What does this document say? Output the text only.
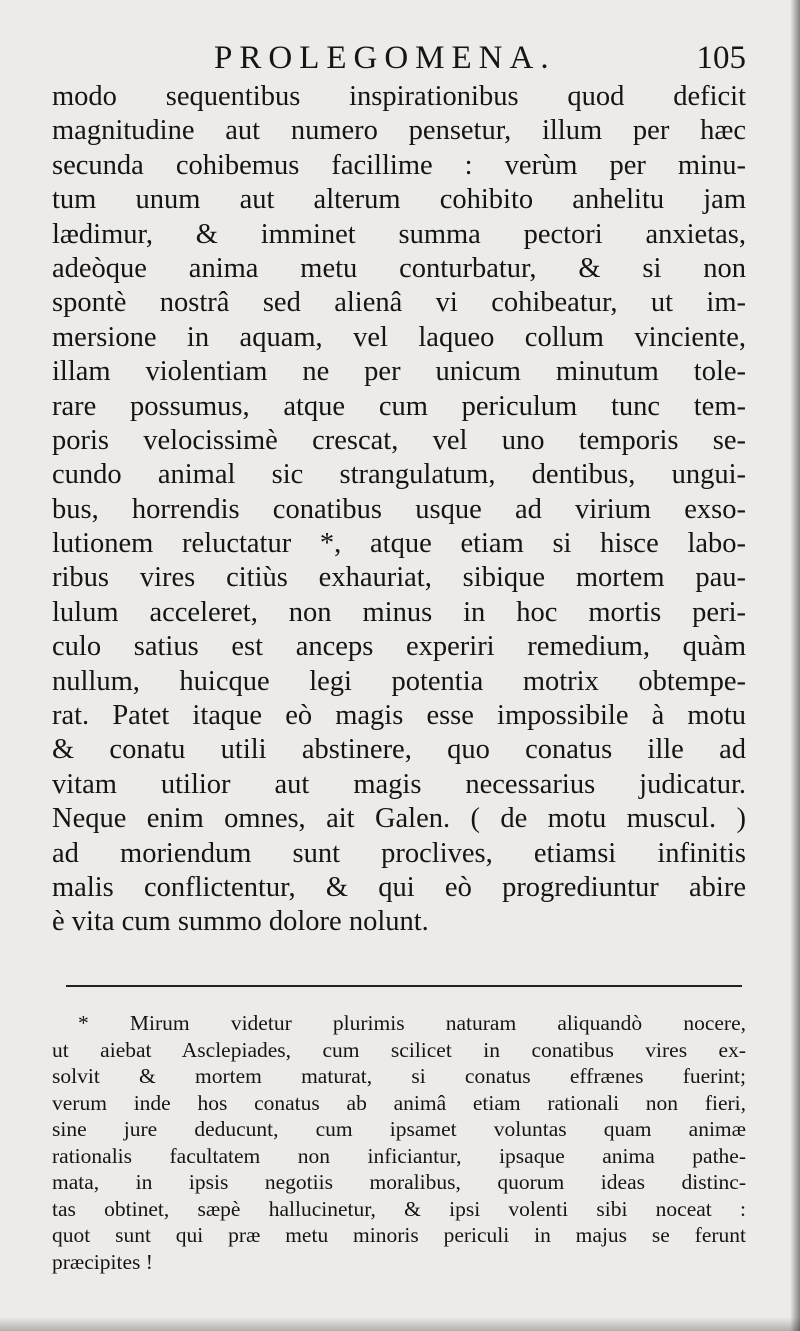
PROLEGOMENA.	105
modo sequentibus inspirationibus quod deficit
magnitudine aut numero pensetur, illum per hæc
secunda cohibemus facillime : verùm per minu-
tum unum aut alterum cohibito anhelitu jam
lædimur, & imminet summa pectori anxietas,
adeòque anima metu conturbatur, & si non
spontè nostrâ sed alienâ vi cohibeatur, ut im-
mersione in aquam, vel laqueo collum vinciente,
illam violentiam ne per unicum minutum tole-
rare possumus, atque cum periculum tunc tem-
poris velocissimè crescat, vel uno temporis se-
cundo animal sic strangulatum, dentibus, ungui-
bus, horrendis conatibus usque ad virium exso-
lutionem reluctatur *, atque etiam si hisce labo-
ribus vires citiùs exhauriat, sibique mortem pau-
lulum acceleret, non minus in hoc mortis peri-
culo satius est anceps experiri remedium, quàm
nullum, huicque legi potentia motrix obtempe-
rat. Patet itaque eò magis esse impossibile à motu
& conatu utili abstinere, quo conatus ille ad
vitam utilior aut magis necessarius judicatur.
Neque enim omnes, ait Galen. ( de motu muscul. )
ad moriendum sunt proclives, etiamsi infinitis
malis conflictentur, & qui eò progrediuntur abire
è vita cum summo dolore nolunt.
* Mirum videtur plurimis naturam aliquandò nocere,
ut aiebat Asclepiades, cum scilicet in conatibus vires ex-
solvit & mortem maturat, si conatus effrænes fuerint;
verum inde hos conatus ab animâ etiam rationali non fieri,
sine jure deducunt, cum ipsamet voluntas quam animæ
rationalis facultatem non inficiantur, ipsaque anima pathe-
mata, in ipsis negotiis moralibus, quorum ideas distinc-
tas obtinet, sæpè hallucinetur, & ipsi volenti sibi noceat :
quot sunt qui præ metu minoris periculi in majus se ferunt
præcipites !
